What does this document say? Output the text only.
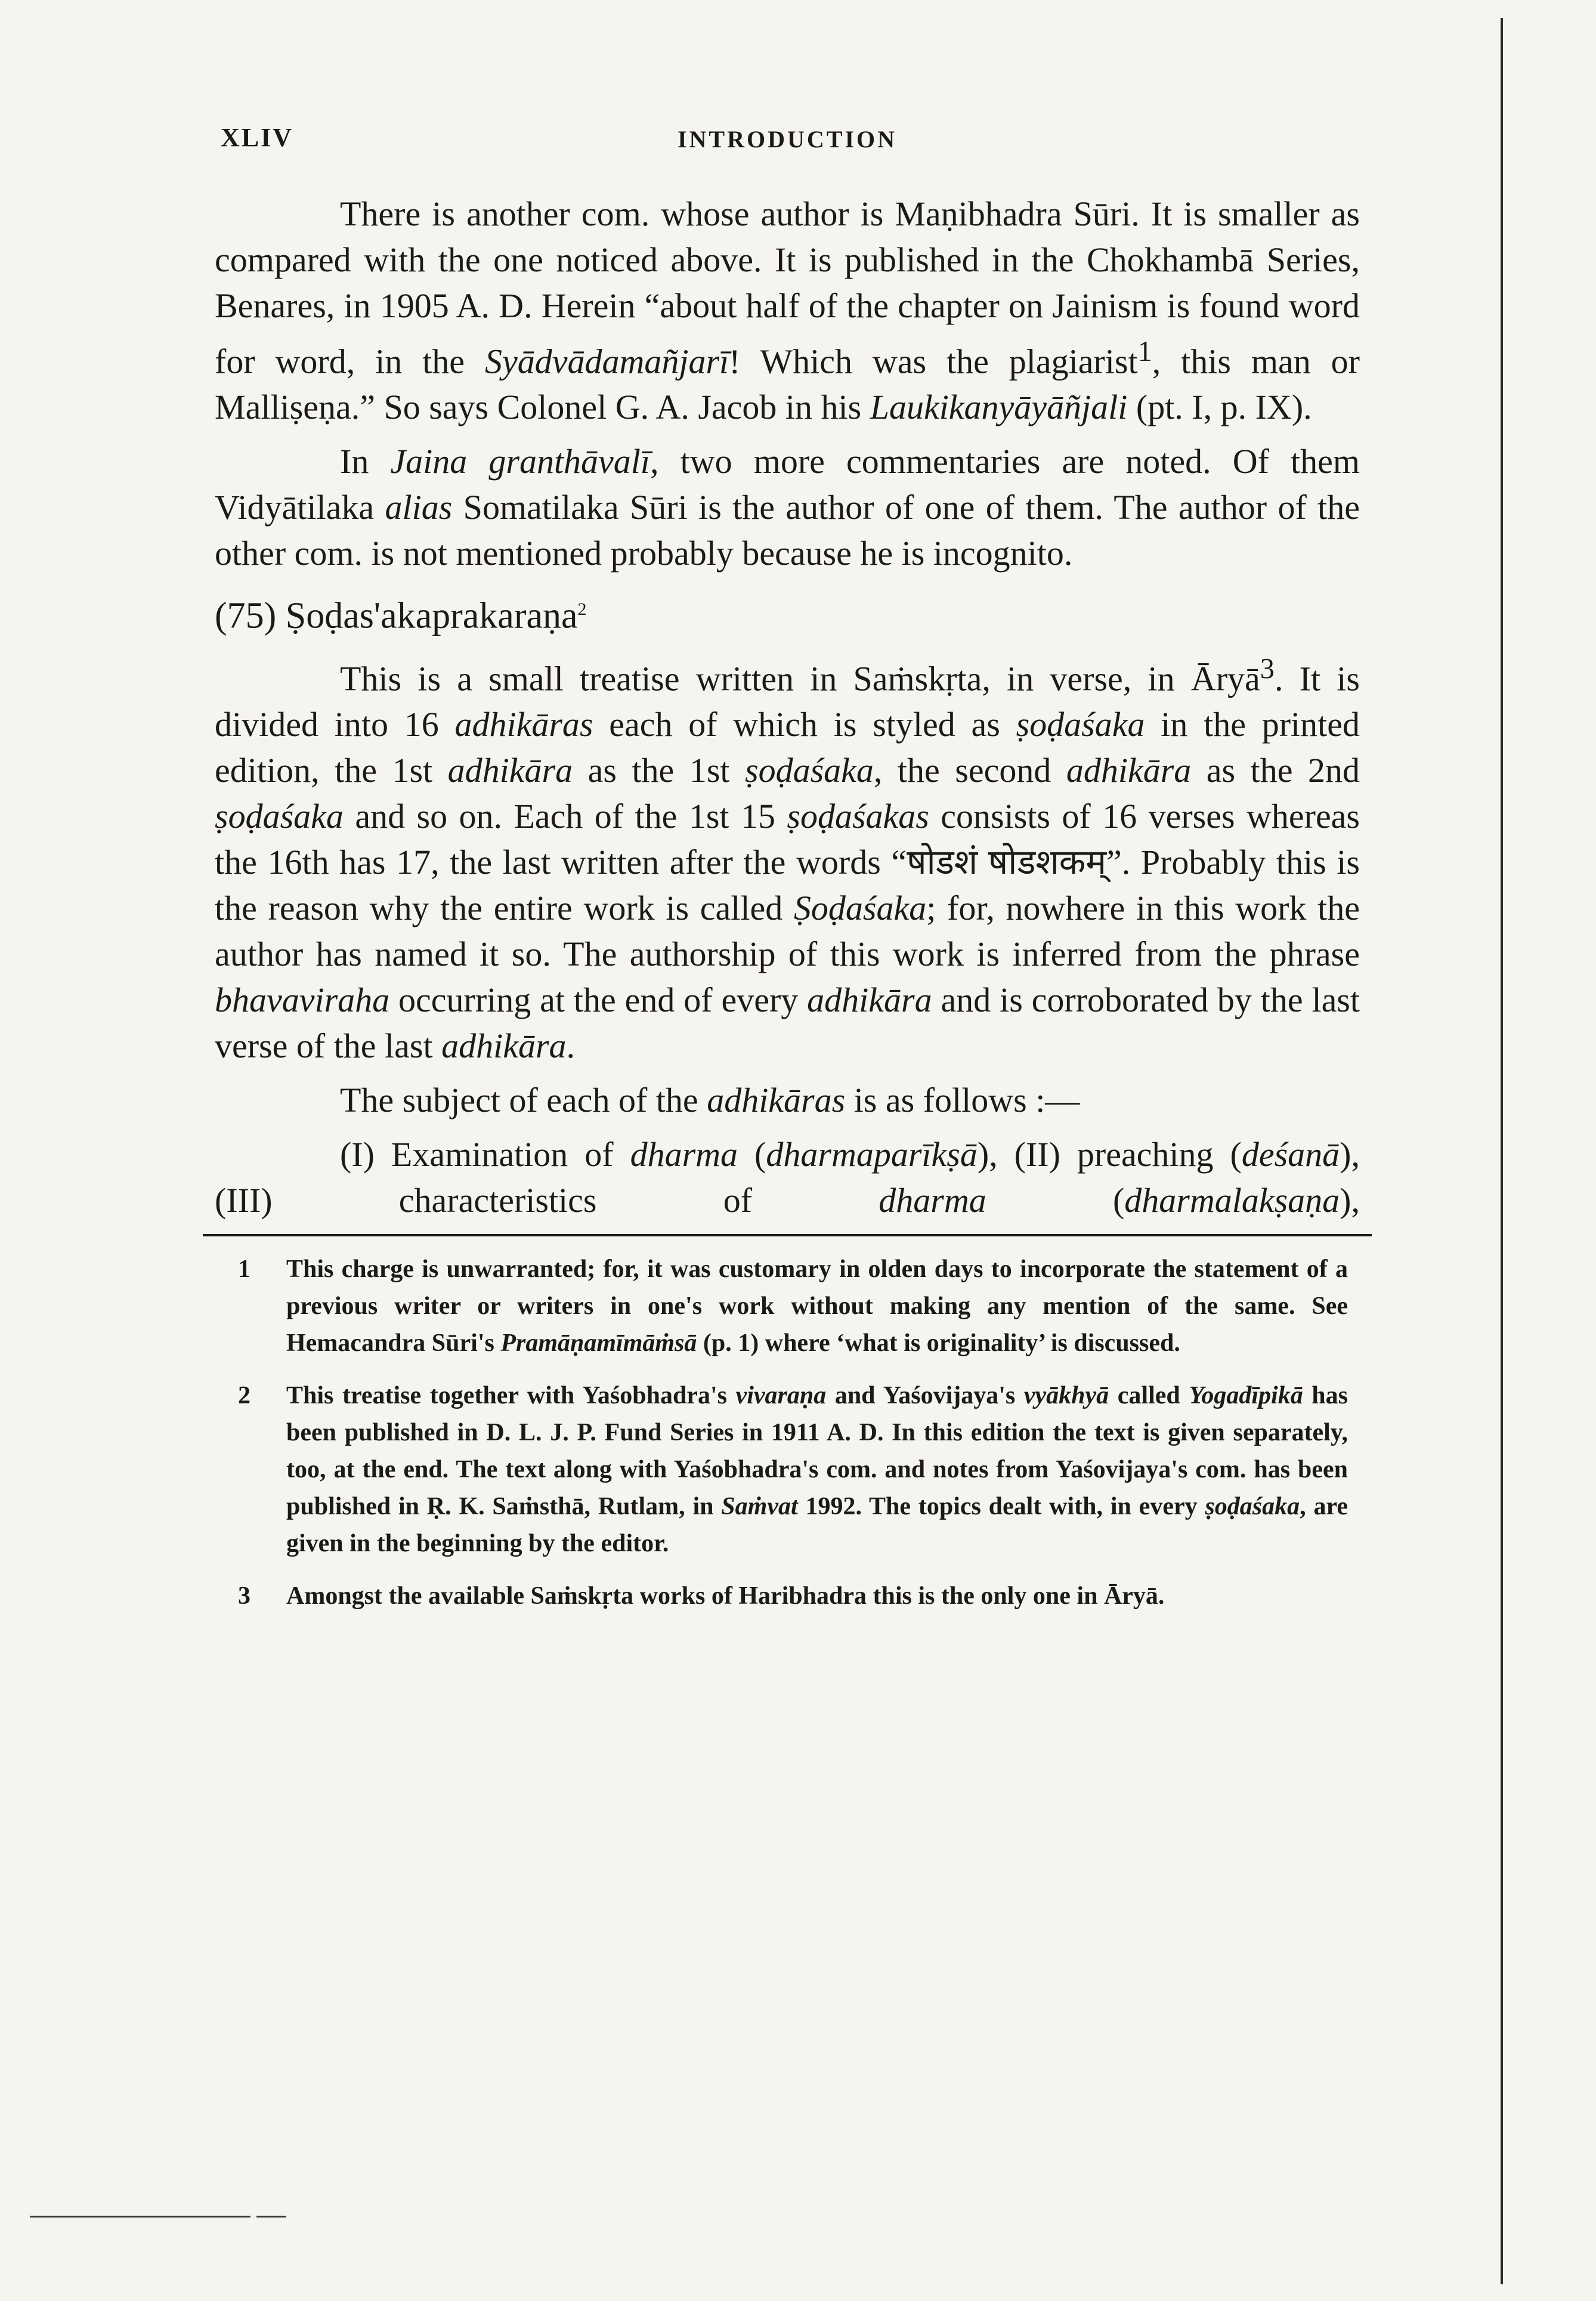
XLIV	INTRODUCTION

There is another com. whose author is Maṇibhadra Sūri. It is smaller as compared with the one noticed above. It is published in the Chokhambā Series, Benares, in 1905 A. D. Herein “about half of the chapter on Jainism is found word for word, in the Syādvādamañjarī! Which was the plagiarist$^1$, this man or Malliṣeṇa.” So says Colonel G. A. Jacob in his Laukikanyāyāñjali (pt. I, p. IX).

In Jaina granthāvalī, two more commentaries are noted. Of them Vidyātilaka alias Somatilaka Sūri is the author of one of them. The author of the other com. is not mentioned probably because he is incognito.

(75) Ṣoḍas'akaprakaraṇa$^2$

This is a small treatise written in Saṁskṛta, in verse, in Āryā$^3$. It is divided into 16 adhikāras each of which is styled as ṣoḍaśaka in the printed edition, the 1st adhikāra as the 1st ṣoḍaśaka, the second adhikāra as the 2nd ṣoḍaśaka and so on. Each of the 1st 15 ṣoḍaśakas consists of 16 verses whereas the 16th has 17, the last written after the words “षोडशं षोडशकम्”. Probably this is the reason why the entire work is called Ṣoḍaśaka; for, nowhere in this work the author has named it so. The authorship of this work is inferred from the phrase bhavaviraha occurring at the end of every adhikāra and is corroborated by the last verse of the last adhikāra.

The subject of each of the adhikāras is as follows :—

(I) Examination of dharma (dharmaparīkṣā), (II) preaching (deśanā), (III) characteristics of dharma (dharmalakṣaṇa),

1	This charge is unwarranted; for, it was customary in olden days to incorporate the statement of a previous writer or writers in one's work without making any mention of the same. See Hemacandra Sūri's Pramāṇamīmāṁsā (p. 1) where ‘what is originality’ is discussed.
2	This treatise together with Yaśobhadra's vivaraṇa and Yaśovijaya's vyākhyā called Yogadīpikā has been published in D. L. J. P. Fund Series in 1911 A. D. In this edition the text is given separately, too, at the end. The text along with Yaśobhadra's com. and notes from Yaśovijaya's com. has been published in Ṛ. K. Saṁsthā, Rutlam, in Saṁvat 1992. The topics dealt with, in every ṣoḍaśaka, are given in the beginning by the editor.
3	Amongst the available Saṁskṛta works of Haribhadra this is the only one in Āryā.
